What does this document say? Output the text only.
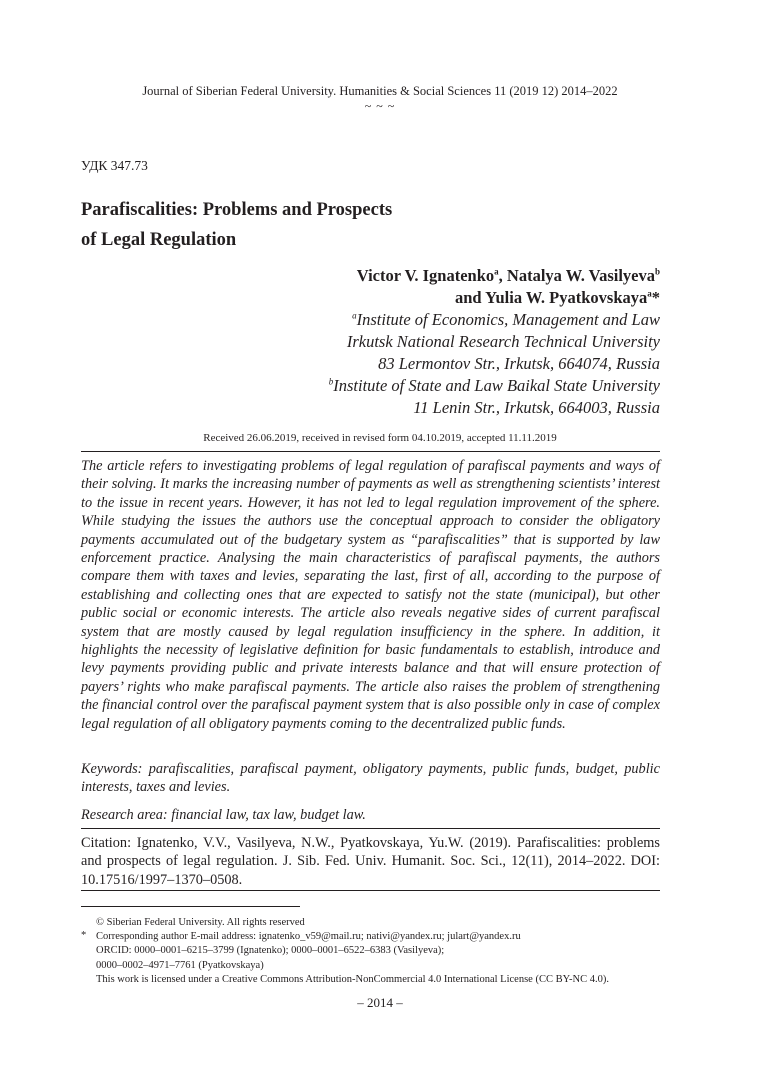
Journal of Siberian Federal University. Humanities & Social Sciences 11 (2019 12) 2014–2022
~ ~ ~
УДК 347.73
Parafiscalities: Problems and Prospects
of Legal Regulation
Victor V. Ignatenko$^a$, Natalya W. Vasilyeva$^b$
and Yulia W. Pyatkovskaya$^a$*
$^a$Institute of Economics, Management and Law
Irkutsk National Research Technical University
83 Lermontov Str., Irkutsk, 664074, Russia
$^b$Institute of State and Law Baikal State University
11 Lenin Str., Irkutsk, 664003, Russia
Received 26.06.2019, received in revised form 04.10.2019, accepted 11.11.2019

The article refers to investigating problems of legal regulation of parafiscal payments and ways of their solving. It marks the increasing number of payments as well as strengthening scientists’ interest to the issue in recent years. However, it has not led to legal regulation improvement of the sphere. While studying the issues the authors use the conceptual approach to consider the obligatory payments accumulated out of the budgetary system as “parafiscalities” that is supported by law enforcement practice. Analysing the main characteristics of parafiscal payments, the authors compare them with taxes and levies, separating the last, first of all, according to the purpose of establishing and collecting ones that are expected to satisfy not the state (municipal), but other public social or economic interests. The article also reveals negative sides of current parafiscal system that are mostly caused by legal regulation insufficiency in the sphere. In addition, it highlights the necessity of legislative definition for basic fundamentals to establish, introduce and levy payments providing public and private interests balance and that will ensure protection of payers’ rights who make parafiscal payments. The article also raises the problem of strengthening the financial control over the parafiscal payment system that is also possible only in case of complex legal regulation of all obligatory payments coming to the decentralized public funds.

Keywords: parafiscalities, parafiscal payment, obligatory payments, public funds, budget, public interests, taxes and levies.

Research area: financial law, tax law, budget law.

Citation: Ignatenko, V.V., Vasilyeva, N.W., Pyatkovskaya, Yu.W. (2019). Parafiscalities: problems and prospects of legal regulation. J. Sib. Fed. Univ. Humanit. Soc. Sci., 12(11), 2014–2022. DOI: 10.17516/1997–1370–0508.

*
© Siberian Federal University. All rights reserved
Corresponding author E-mail address: ignatenko_v59@mail.ru; nativi@yandex.ru; julart@yandex.ru
ORCID: 0000–0001–6215–3799 (Ignatenko); 0000–0001–6522–6383 (Vasilyeva);
0000–0002–4971–7761 (Pyatkovskaya)
This work is licensed under a Creative Commons Attribution-NonCommercial 4.0 International License (CC BY-NC 4.0).
– 2014 –
